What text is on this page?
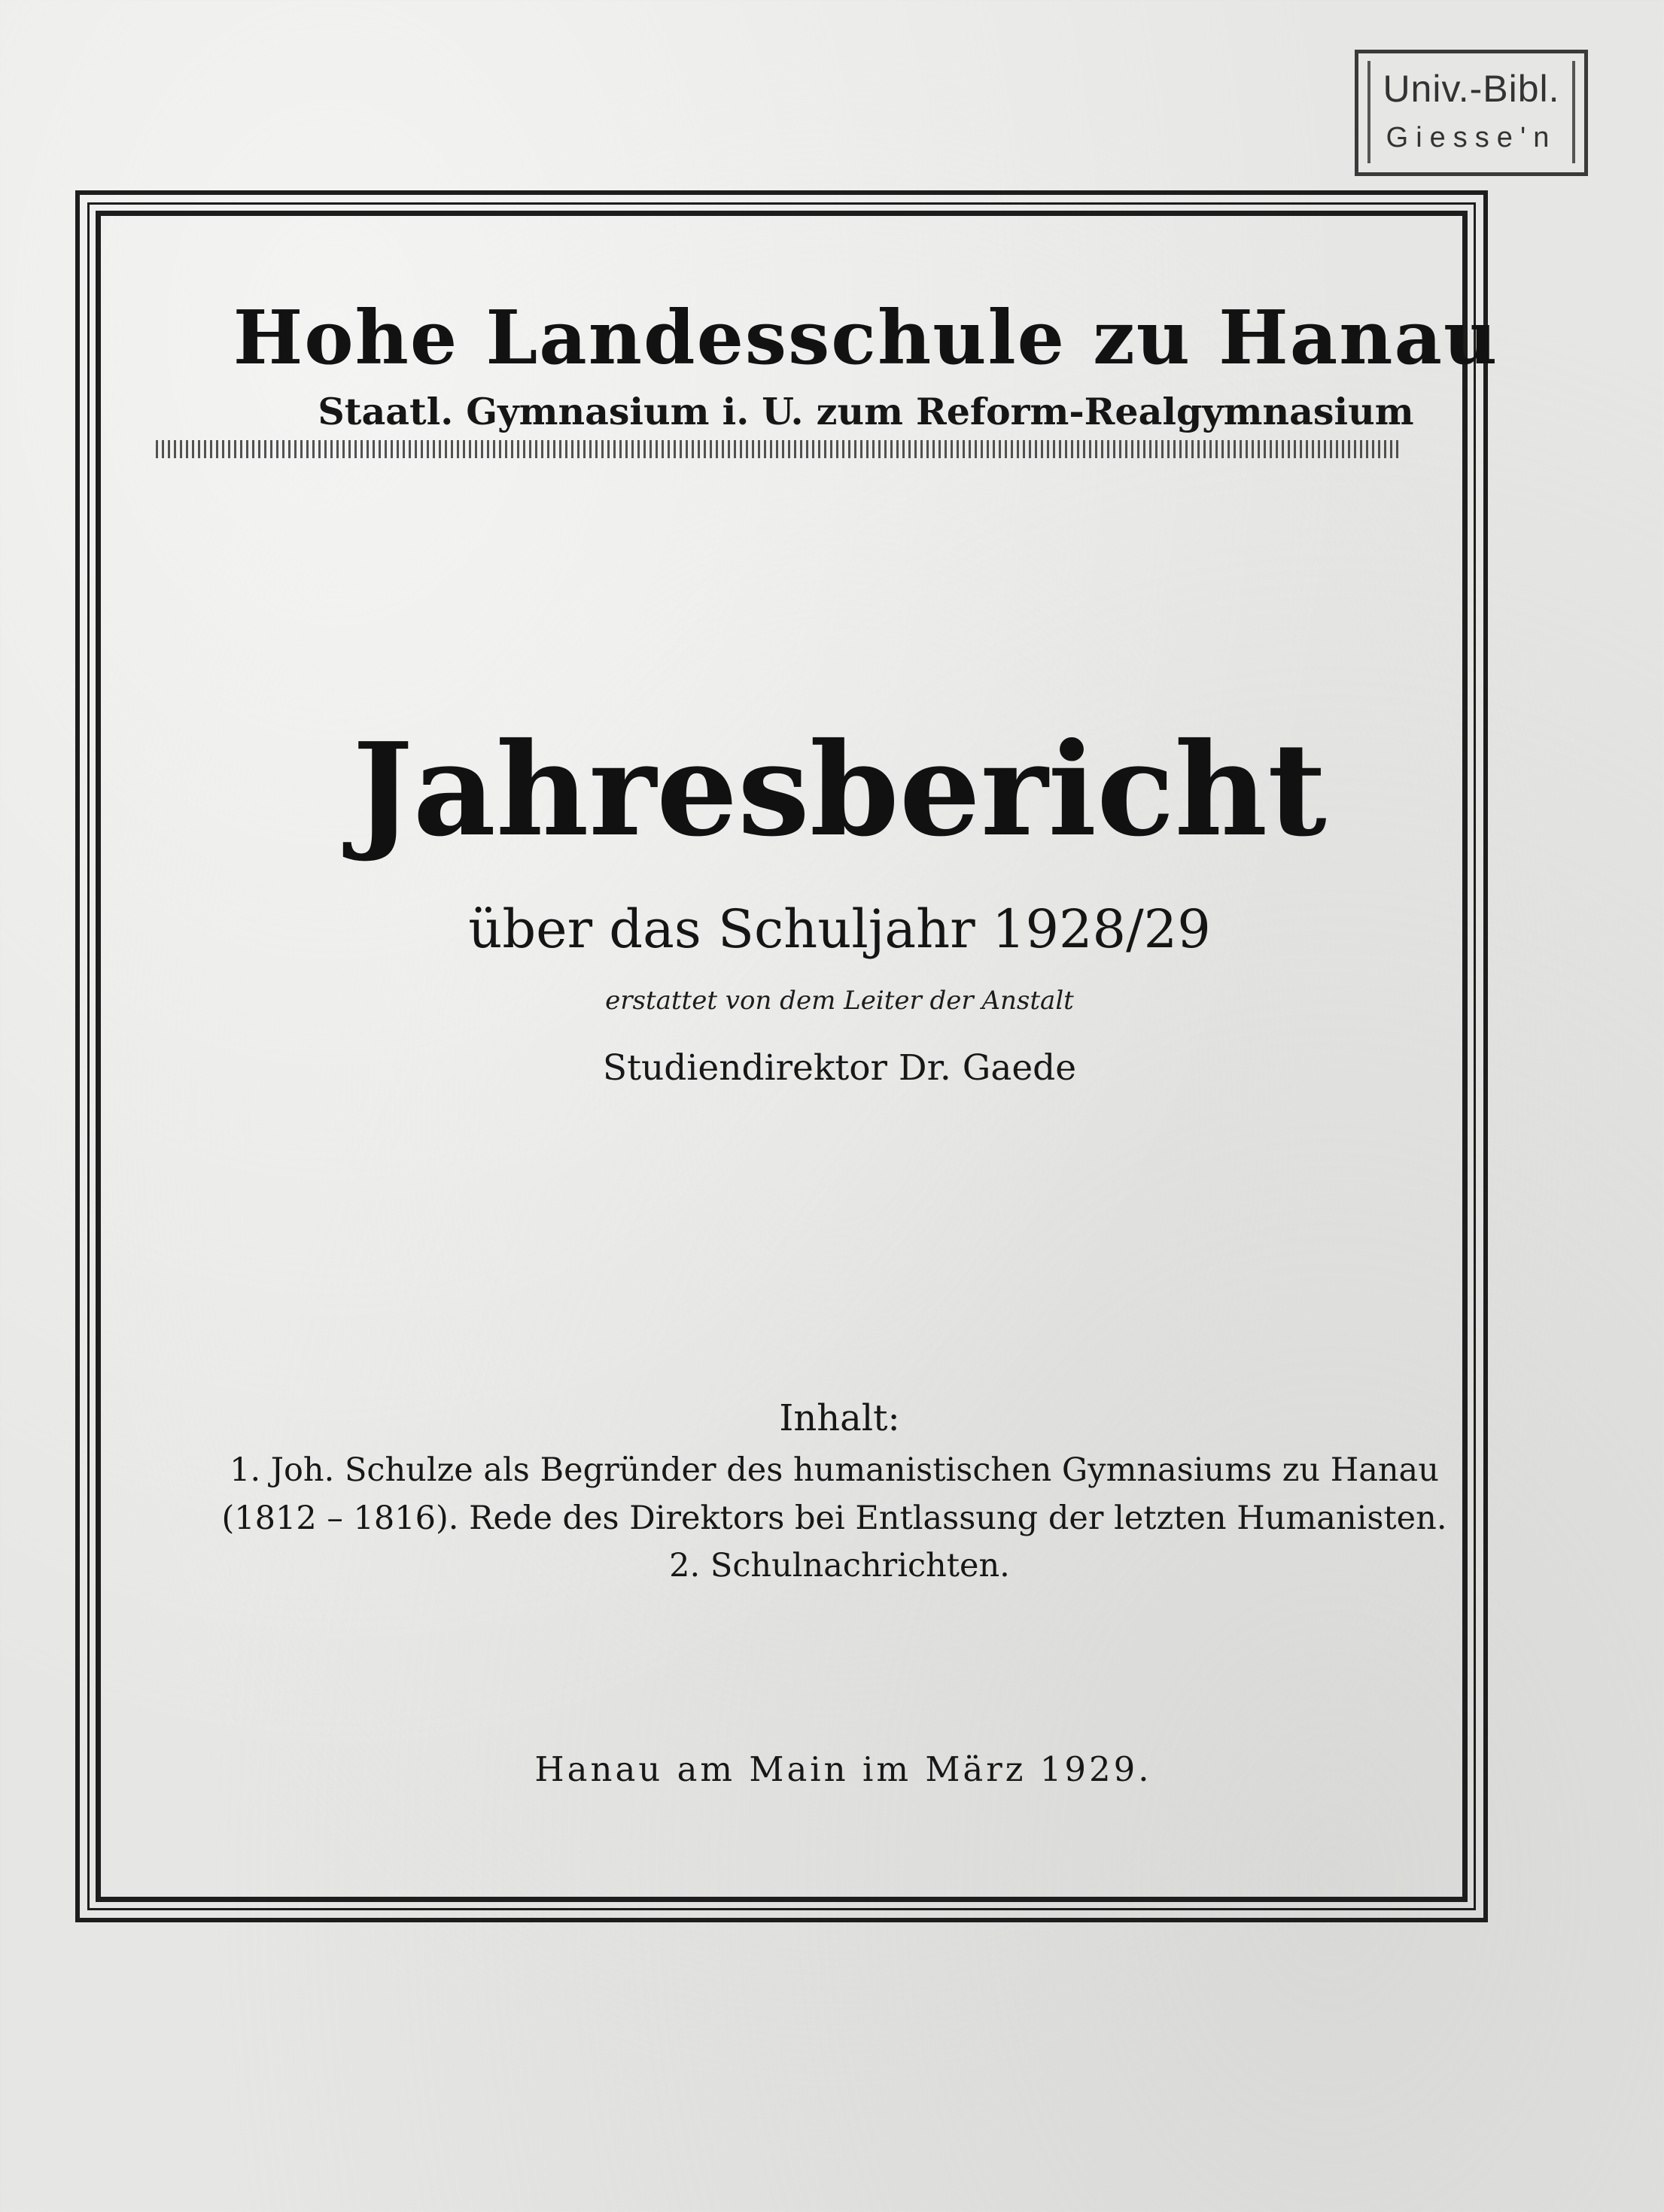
Univ.-Bibl.
Giesse'n
Hohe Landesschule zu Hanau
Staatl. Gymnasium i. U. zum Reform-Realgymnasium
Jahresbericht
über das Schuljahr 1928/29
erstattet von dem Leiter der Anstalt
Studiendirektor Dr. Gaede
Inhalt:
1. Joh. Schulze als Begründer des humanistischen Gymnasiums zu Hanau
(1812 – 1816). Rede des Direktors bei Entlassung der letzten Humanisten.
2. Schulnachrichten.
Hanau am Main im März 1929.
